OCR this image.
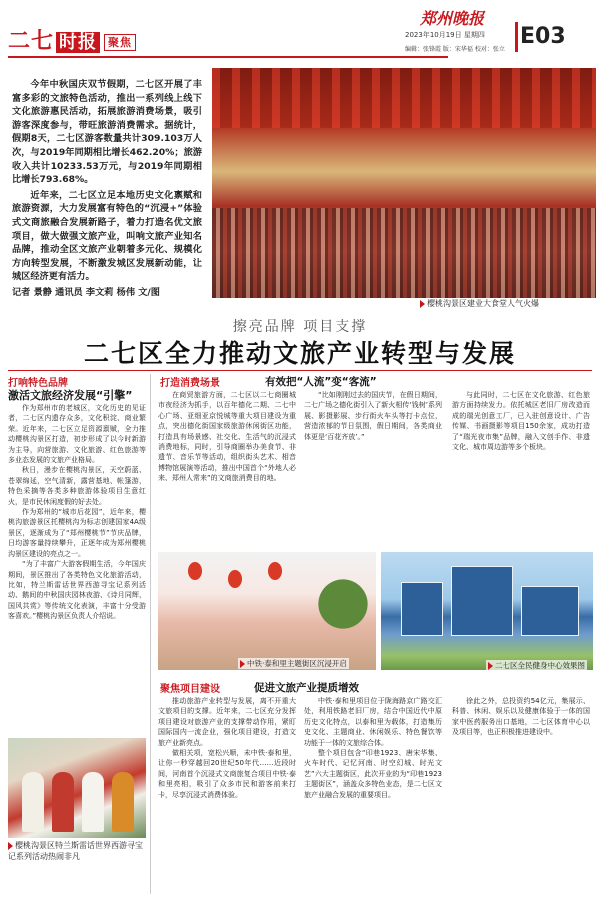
二七 时报 聚焦
郑州晚报
2023年10月19日 星期四
编辑：张锋霞 版：宋华福 校对：张立
E03

今年中秋国庆双节假期，二七区开展了丰富多彩的文旅特色活动，推出一系列线上线下文化旅游惠民活动，拓展旅游消费场景，吸引游客深度参与，带旺旅游消费需求。据统计，假期8天，二七区游客数量共计309.103万人次，与2019年同期相比增长462.20%；旅游收入共计10233.53万元，与2019年同期相比增长793.68%。

近年来，二七区立足本地历史文化禀赋和旅游资源，大力发展富有特色的“沉浸+”体验式文商旅融合发展新路子，着力打造名优文旅项目，做大做强文旅产业，叫响文旅产业知名品牌，推动全区文旅产业朝着多元化、规模化方向转型发展，不断激发城区发展新动能，让城区经济更有活力。

记者 景静 通讯员 李文莉 杨伟 文/图

樱桃沟景区建业大食堂人气火爆
擦亮品牌 项目支撑
二七区全力推动文旅产业转型与发展
打响特色品牌
激活文旅经济发展“引擎”

作为郑州市的老城区，文化历史的见证者，二七区内遗存众多，文化积淀、商业繁荣。近年来，二七区立足资源禀赋，全力推动樱桃沟景区打造，初步形成了以今时新游为主导，向营旅游、文化旅游、红色旅游等多业态发展的文旅产业格局。

秋日，漫步在樱桃沟景区，天空蔚蓝、苍翠绵延，空气清新，露营基地、帐篷游，特色采摘等各类多种旅游体验项目生意红火，是市民休闲度假的好去处。

作为郑州的“城市后花园”，近年来，樱桃沟旅游景区托樱桃沟为标志创建国家4A级景区，逐渐成为了“郑州樱桃节”节庆品牌，日均游客量持续攀升，正逐年成为郑州樱桃沟景区建设的亮点之一。

“为了丰富广大游客假期生活，今年国庆期间，景区推出了各类特色文化旅游活动，比如，特兰斯雷话世界西游寻宝记系列活动、鹅间的中秋国庆园林夜游、《诗月同辉，国风共赏》等传统文化表演，丰富十分受游客喜欢。”樱桃沟景区负责人介绍说。

樱桃沟景区特兰斯雷话世界西游寻宝记系列活动热闹非凡
打造消费场景	有效把“人流”变“客流”

在商贸旅游方面，二七区以二七商圈城市夜经济为抓手，以百年德化二期、二七中心广场、亚细亚京悦城等重大项目建设为重点，突出德化街国家级旅游休闲街区功能，打造具有场景感、社交化、生活气的沉浸式消费地标，同时，引导商圈举办美食节、非遗节、音乐节等活动，组织街头艺术、相音博物馆展演等活动，推出中国首个“外地人必来、郑州人常来”的文商旅消费目的地。

“比如刚刚过去的国庆节，在假日期间，二七广场之德化街引入了新火相传‘钱树’系列展、影摄影展、步行街火车头等打卡点位，营造浓郁的节日氛围，假日期间，各类商业体更是‘百花齐放’。”

与此同时，二七区在文化旅游、红色旅游方面持续发力。依托城区老旧厂房改造而成的瑞光创意工厂，已入驻创意设计、广告传媒、书画摄影等项目150余家，成功打造了“瑞光夜市集”品牌，融入文创手作、非遗文化、城市周边游等多个板块。

中铁·泰和里主题街区沉浸开启	二七区全民健身中心效果图
聚焦项目建设	促进文旅产业提质增效

推动旅游产业转型与发展，离不开重大文旅项目的支撑。近年来，二七区充分发挥项目建设对旅游产业的支撑带动作用，紧盯国际国内一流企业，强化项目建设，打造文旅产业新亮点。

做相关项，宽松兴顺，未中铁·泰和里，让你一秒穿越回20世纪50年代……近段时间，河南首个沉浸式文商旅复合项目中铁·泰和里亮相，吸引了众多市民和游客前来打卡，尽享沉浸式消费体验。

中铁·泰和里项目位于陇海路京广路交汇处，利用铁路老旧厂房，结合中国近代中原历史文化特点，以泰和里为载体，打造集历史文化、主题商业、休闲娱乐、特色餐饮等功能于一体的文旅综合体。

整个项目包含“印巷1923、唐宋华集、火车时代、记忆河南、时空幻城、时光文艺”六大主题街区，此次开业的为“印巷1923主题街区”，涵盖众多特色业态，是二七区文旅产业融合发展的重要项目。

徐此之外，总投资约54亿元，集展示、科普、休闲、娱乐以及健康体验于一体的国家中医药服务出口基地，二七区体育中心以及项目等，也正积极推进建设中。
